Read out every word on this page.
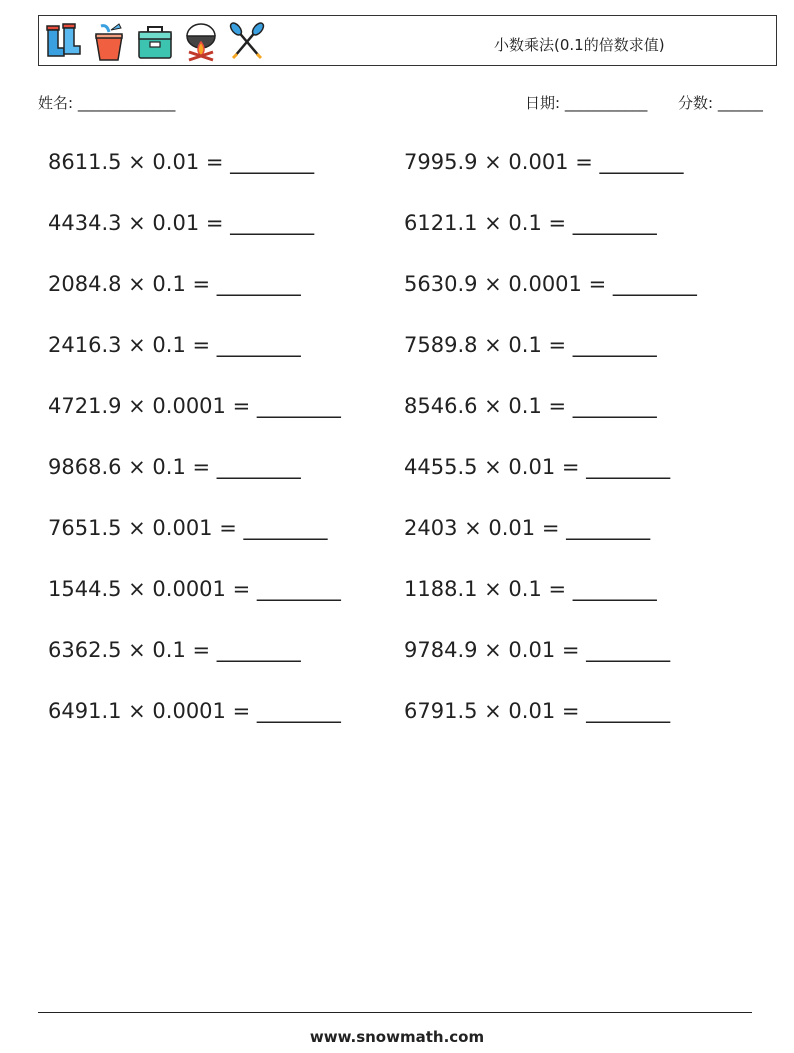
小数乘法(0.1的倍数求值)
姓名: _____________	日期: ___________ 分数: ______
8611.5 × 0.01 = ________
4434.3 × 0.01 = ________
2084.8 × 0.1 = ________
2416.3 × 0.1 = ________
4721.9 × 0.0001 = ________
9868.6 × 0.1 = ________
7651.5 × 0.001 = ________
1544.5 × 0.0001 = ________
6362.5 × 0.1 = ________
6491.1 × 0.0001 = ________
7995.9 × 0.001 = ________
6121.1 × 0.1 = ________
5630.9 × 0.0001 = ________
7589.8 × 0.1 = ________
8546.6 × 0.1 = ________
4455.5 × 0.01 = ________
2403 × 0.01 = ________
1188.1 × 0.1 = ________
9784.9 × 0.01 = ________
6791.5 × 0.01 = ________
www.snowmath.com
